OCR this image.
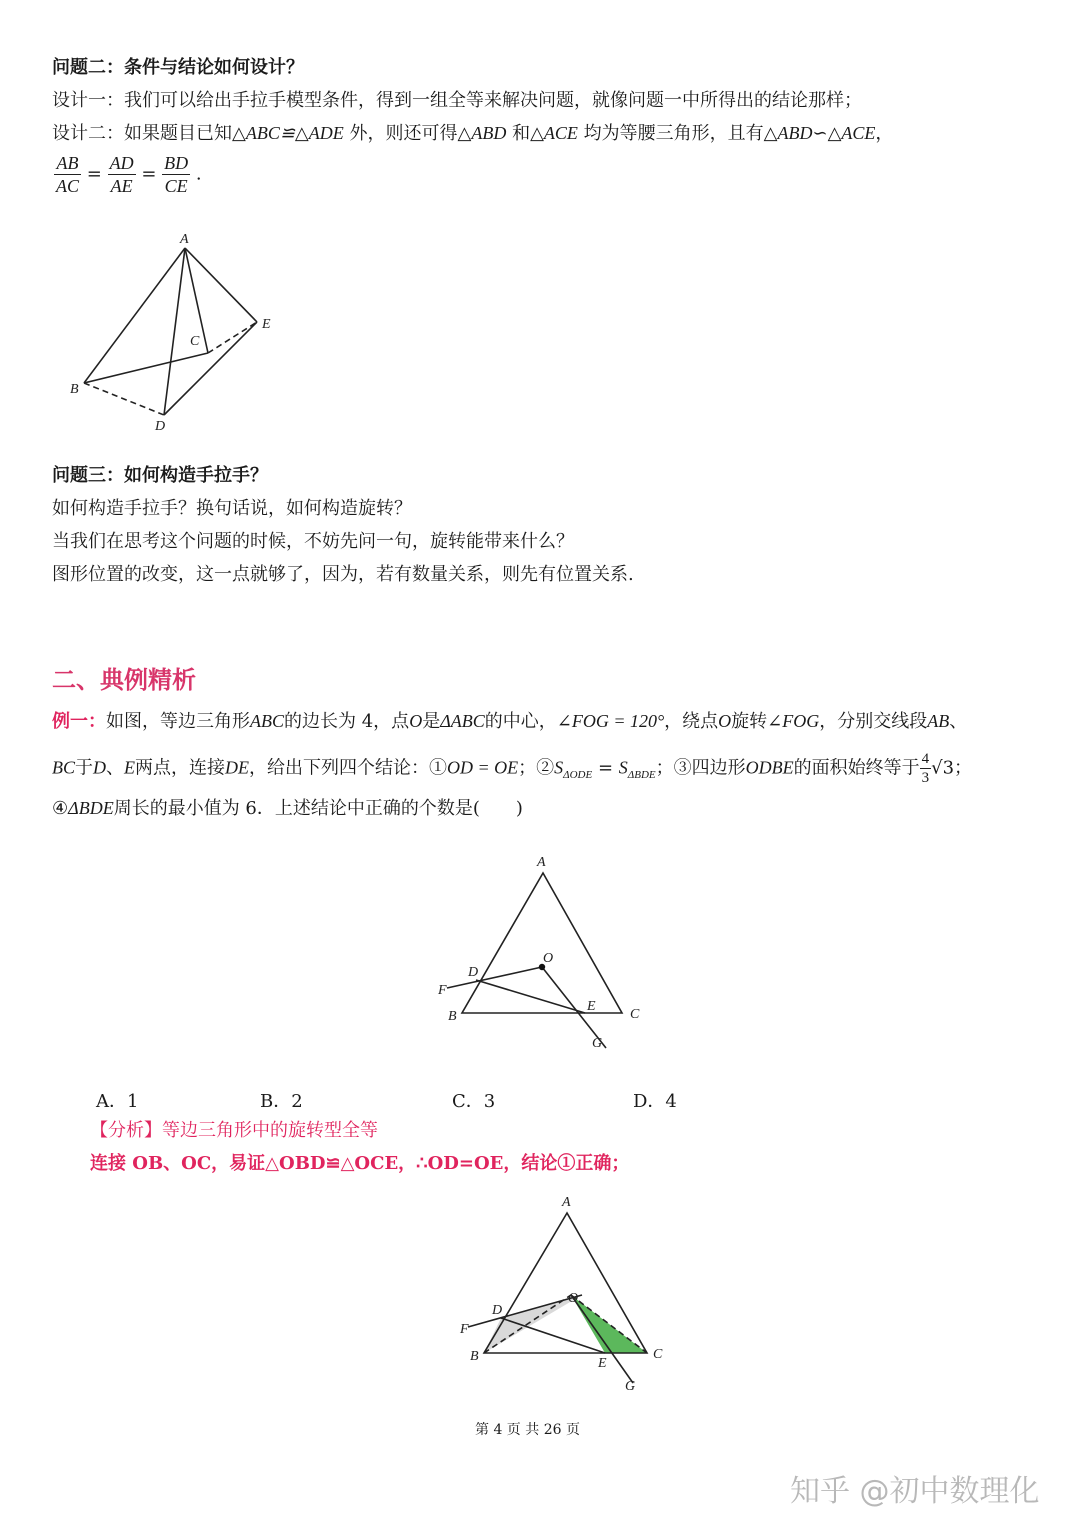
问题二：条件与结论如何设计？
设计一：我们可以给出手拉手模型条件，得到一组全等来解决问题，就像问题一中所得出的结论那样；
设计二：如果题目已知△ABC≌△ADE 外，则还可得△ABD 和△ACE 均为等腰三角形，且有△ABD∽△ACE，
$\frac{AB}{AC} = \frac{AD}{AE} = \frac{BD}{CE}$ .
A
B
C
D
E
问题三：如何构造手拉手？
如何构造手拉手？换句话说，如何构造旋转？
当我们在思考这个问题的时候，不妨先问一句，旋转能带来什么？
图形位置的改变，这一点就够了，因为，若有数量关系，则先有位置关系.
二、典例精析
例一：如图，等边三角形ABC的边长为 4，点O是ΔABC的中心，∠FOG = 120°，绕点O旋转∠FOG，分别交线段AB、
BC于D、E两点，连接DE，给出下列四个结论：①OD = OE；$②S_{\Delta ODE} = S_{\Delta BDE}$；③四边形ODBE的面积始终等于 $\frac{4}{3} √3$；
④ΔBDE周长的最小值为 6．上述结论中正确的个数是(　　)
A
B	C
D
E
F
G
O
A．1	B．2	C．3	D．4
【分析】等边三角形中的旋转型全等
连接 OB、OC，易证△OBD≌△OCE，∴OD=OE，结论①正确；
A
B	C
D
E
F
G
O
第 4 页 共 26 页
知乎 @初中数理化
